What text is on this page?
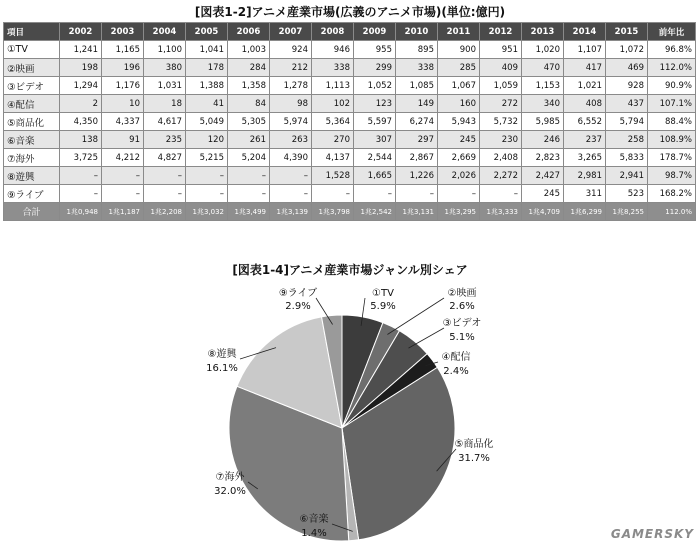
[図表1-2]アニメ産業市場(広義のアニメ市場)(単位:億円)
項目	2002	2003	2004	2005	2006	2007	2008	2009	2010	2011	2012	2013	2014	2015	前年比
①TV	1,241	1,165	1,100	1,041	1,003	924	946	955	895	900	951	1,020	1,107	1,072	96.8%
②映画	198	196	380	178	284	212	338	299	338	285	409	470	417	469	112.0%
③ビデオ	1,294	1,176	1,031	1,388	1,358	1,278	1,113	1,052	1,085	1,067	1,059	1,153	1,021	928	90.9%
④配信	2	10	18	41	84	98	102	123	149	160	272	340	408	437	107.1%
⑤商品化	4,350	4,337	4,617	5,049	5,305	5,974	5,364	5,597	6,274	5,943	5,732	5,985	6,552	5,794	88.4%
⑥音楽	138	91	235	120	261	263	270	307	297	245	230	246	237	258	108.9%
⑦海外	3,725	4,212	4,827	5,215	5,204	4,390	4,137	2,544	2,867	2,669	2,408	2,823	3,265	5,833	178.7%
⑧遊興	–	–	–	–	–	–	1,528	1,665	1,226	2,026	2,272	2,427	2,981	2,941	98.7%
⑨ライブ	–	–	–	–	–	–	–	–	–	–	–	245	311	523	168.2%
合計	1兆0,948	1兆1,187	1兆2,208	1兆3,032	1兆3,499	1兆3,139	1兆3,798	1兆2,542	1兆3,131	1兆3,295	1兆3,333	1兆4,709	1兆6,299	1兆8,255	112.0%
[図表1-4]アニメ産業市場ジャンル別シェア
①TV
5.9%
②映画
2.6%
③ビデオ
5.1%
④配信
2.4%
⑤商品化
31.7%
⑥音楽
1.4%
⑦海外
32.0%
⑧遊興
16.1%
⑨ライブ
2.9%
GAMERSKY
